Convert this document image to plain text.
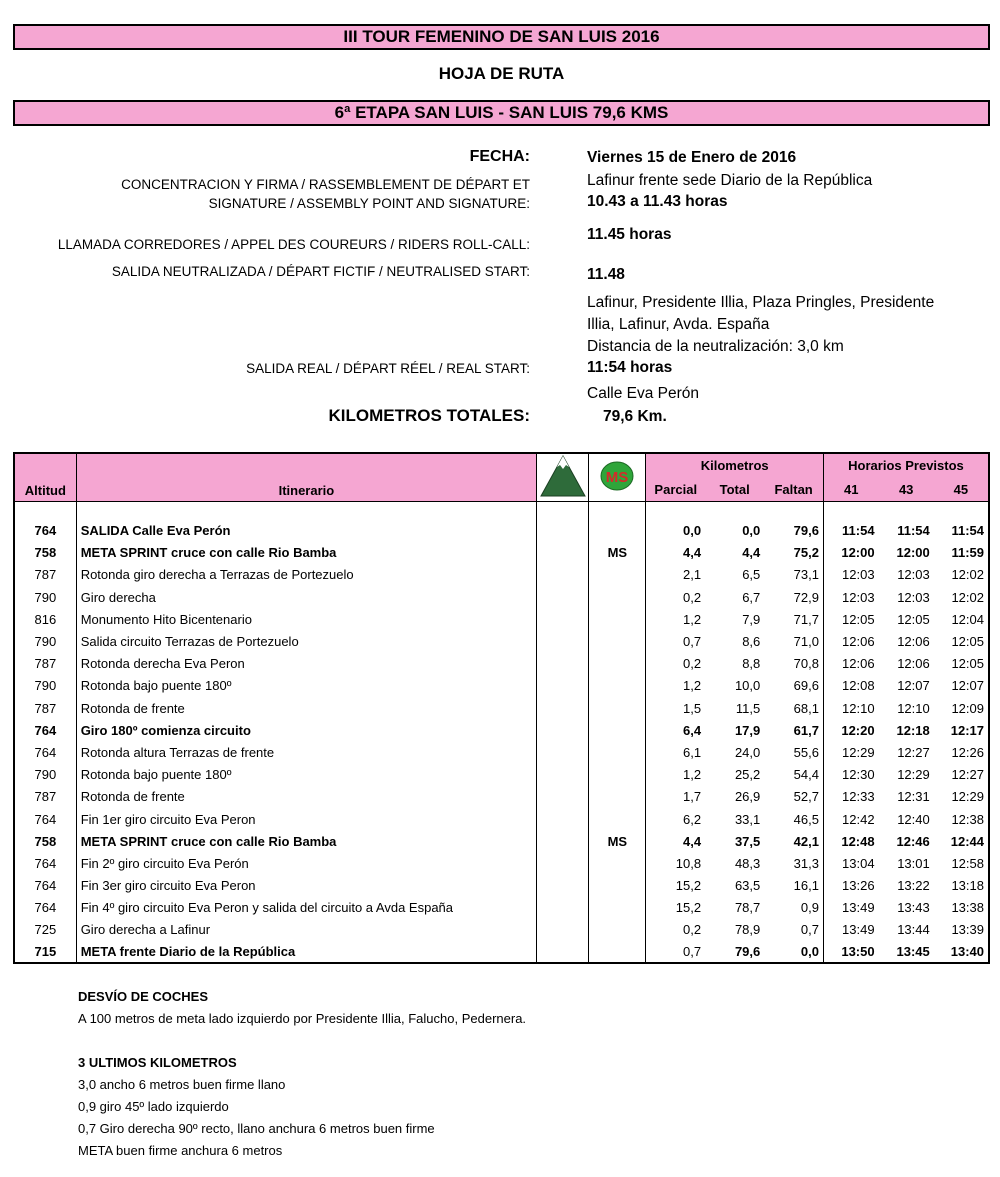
III TOUR FEMENINO DE SAN LUIS 2016
HOJA DE RUTA
6ª ETAPA SAN LUIS - SAN LUIS 79,6 KMS
FECHA:	Viernes 15 de Enero de 2016
CONCENTRACION Y FIRMA / RASSEMBLEMENT DE DÉPART ET
SIGNATURE / ASSEMBLY POINT AND SIGNATURE:
Lafinur frente sede Diario de la República
10.43 a 11.43 horas
LLAMADA CORREDORES / APPEL DES COUREURS / RIDERS ROLL-CALL:
11.45 horas
SALIDA NEUTRALIZADA / DÉPART FICTIF / NEUTRALISED START:	11.48
Lafinur, Presidente Illia, Plaza Pringles, Presidente
Illia, Lafinur, Avda. España
Distancia de la neutralización: 3,0 km
SALIDA REAL / DÉPART RÉEL / REAL START:	11:54 horas
Calle Eva Perón
KILOMETROS TOTALES:	79,6 Km.
Altitud	Itinerario		MS	Kilometros			Horarios Previstos		
				Parcial	Total	Faltan	41	43	45

764	SALIDA Calle Eva Perón			0,0	0,0	79,6	11:54	11:54	11:54
758	META SPRINT cruce con calle Rio Bamba		MS	4,4	4,4	75,2	12:00	12:00	11:59
787	Rotonda giro derecha a Terrazas de Portezuelo			2,1	6,5	73,1	12:03	12:03	12:02
790	Giro derecha			0,2	6,7	72,9	12:03	12:03	12:02
816	Monumento Hito Bicentenario			1,2	7,9	71,7	12:05	12:05	12:04
790	Salida circuito Terrazas de Portezuelo			0,7	8,6	71,0	12:06	12:06	12:05
787	Rotonda derecha Eva Peron			0,2	8,8	70,8	12:06	12:06	12:05
790	Rotonda bajo puente 180º			1,2	10,0	69,6	12:08	12:07	12:07
787	Rotonda de frente			1,5	11,5	68,1	12:10	12:10	12:09
764	Giro 180º comienza circuito			6,4	17,9	61,7	12:20	12:18	12:17
764	Rotonda altura Terrazas de frente			6,1	24,0	55,6	12:29	12:27	12:26
790	Rotonda bajo puente 180º			1,2	25,2	54,4	12:30	12:29	12:27
787	Rotonda de frente			1,7	26,9	52,7	12:33	12:31	12:29
764	Fin 1er giro circuito Eva Peron			6,2	33,1	46,5	12:42	12:40	12:38
758	META SPRINT cruce con calle Rio Bamba		MS	4,4	37,5	42,1	12:48	12:46	12:44
764	Fin 2º giro circuito Eva Perón			10,8	48,3	31,3	13:04	13:01	12:58
764	Fin 3er giro circuito Eva Peron			15,2	63,5	16,1	13:26	13:22	13:18
764	Fin 4º giro circuito Eva Peron y salida del circuito a Avda España			15,2	78,7	0,9	13:49	13:43	13:38
725	Giro derecha a Lafinur			0,2	78,9	0,7	13:49	13:44	13:39
715	META frente Diario de la República			0,7	79,6	0,0	13:50	13:45	13:40
DESVÍO DE COCHES
A 100 metros de meta lado izquierdo por Presidente Illia, Falucho, Pedernera.
3 ULTIMOS KILOMETROS
3,0 ancho 6 metros buen firme llano
0,9 giro 45º lado izquierdo
0,7 Giro derecha 90º recto, llano anchura 6 metros buen firme
META buen firme anchura 6 metros
